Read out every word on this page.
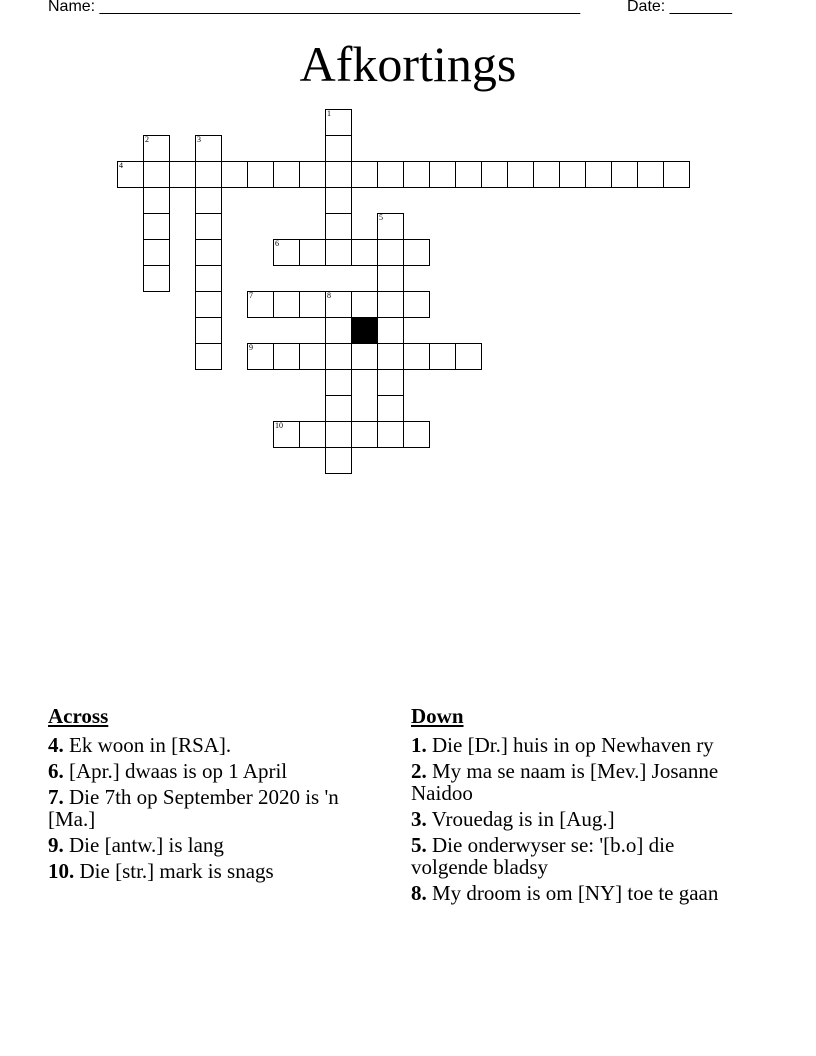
Name: ______________________________________________________	Date: _______
Afkortings
4
1
2	3
5
6
7	8
9
10
Across
4. Ek woon in [RSA].
6. [Apr.] dwaas is op 1 April
7. Die 7th op September 2020 is 'n [Ma.]
9. Die [antw.] is lang
10. Die [str.] mark is snags
Down
1. Die [Dr.] huis in op Newhaven ry
2. My ma se naam is [Mev.] Josanne Naidoo
3. Vrouedag is in [Aug.]
5. Die onderwyser se: '[b.o] die volgende bladsy
8. My droom is om [NY] toe te gaan
